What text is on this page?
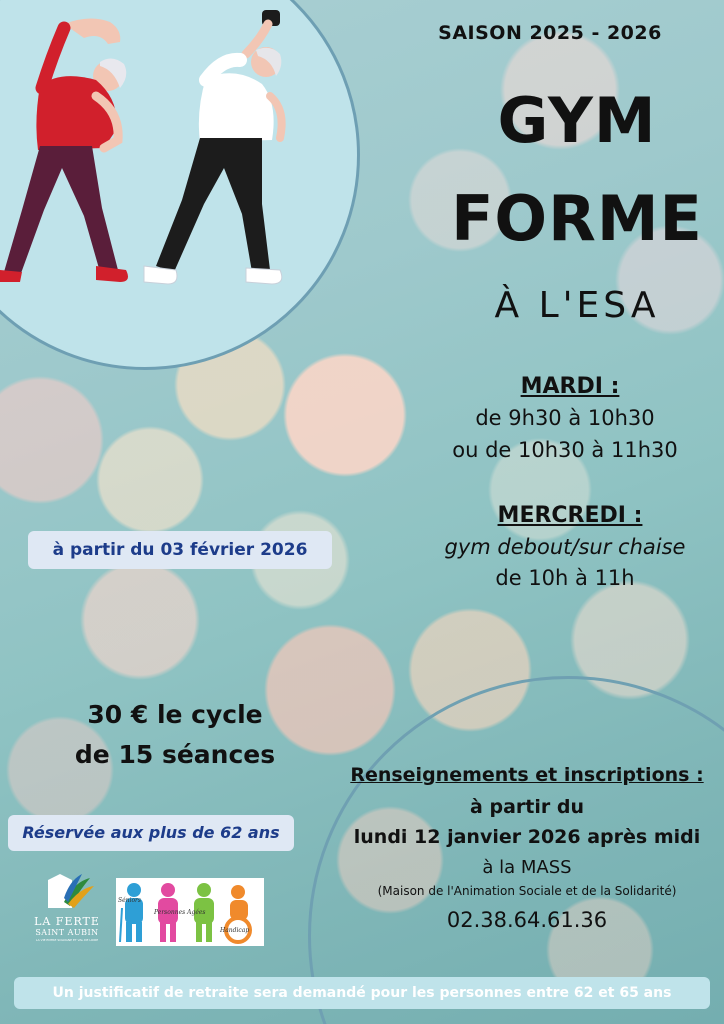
SAISON 2025 - 2026
GYM
FORME
À L'ESA
MARDI :
de 9h30 à 10h30
ou de 10h30 à 11h30
MERCREDI :
gym debout/sur chaise
de 10h à 11h
à partir du 03 février 2026
30 € le cycle
de 15 séances
Réservée aux plus de 62 ans
Renseignements et inscriptions :
à partir du
lundi 12 janvier 2026 après midi
à la MASS
(Maison de l'Animation Sociale et de la Solidarité)
02.38.64.61.36
LA FERTE
SAINT AUBIN
LA VIE ENTRE SOLOGNE ET VAL DE LOIRE
Séniors
Personnes Agées
Handicap
Un justificatif de retraite sera demandé pour les personnes entre 62 et 65 ans
